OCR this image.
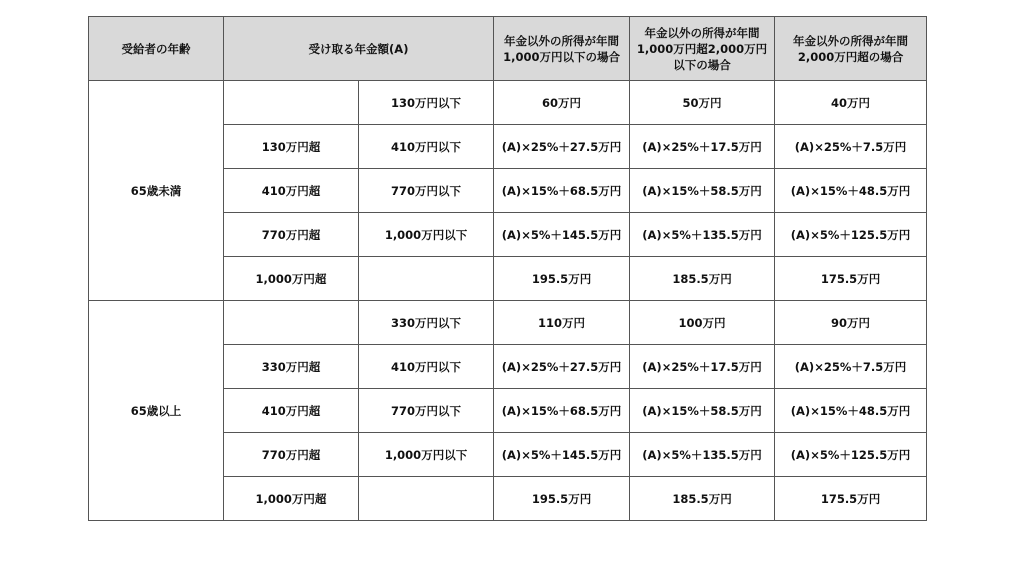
受給者の年齢	受け取る年金額(A)		年金以外の所得が年間1,000万円以下の場合	年金以外の所得が年間1,000万円超2,000万円以下の場合	年金以外の所得が年間2,000万円超の場合
65歳未満		130万円以下	60万円	50万円	40万円
	130万円超	410万円以下	(A)×25%＋27.5万円	(A)×25%＋17.5万円	(A)×25%＋7.5万円
	410万円超	770万円以下	(A)×15%＋68.5万円	(A)×15%＋58.5万円	(A)×15%＋48.5万円
	770万円超	1,000万円以下	(A)×5%＋145.5万円	(A)×5%＋135.5万円	(A)×5%＋125.5万円
	1,000万円超		195.5万円	185.5万円	175.5万円
65歳以上		330万円以下	110万円	100万円	90万円
	330万円超	410万円以下	(A)×25%＋27.5万円	(A)×25%＋17.5万円	(A)×25%＋7.5万円
	410万円超	770万円以下	(A)×15%＋68.5万円	(A)×15%＋58.5万円	(A)×15%＋48.5万円
	770万円超	1,000万円以下	(A)×5%＋145.5万円	(A)×5%＋135.5万円	(A)×5%＋125.5万円
	1,000万円超		195.5万円	185.5万円	175.5万円
